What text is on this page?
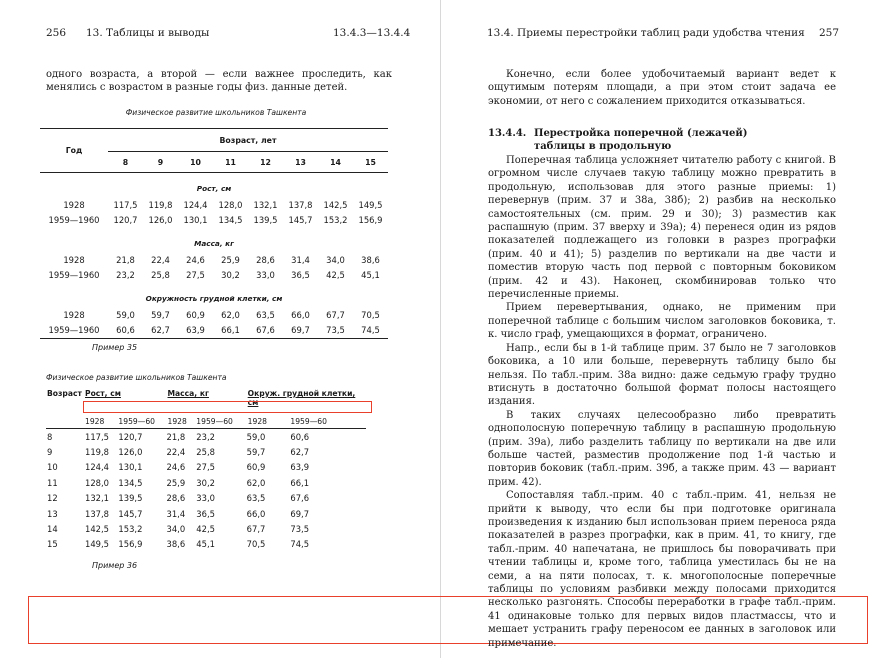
256 13. Таблицы и выводы	13.4.3—13.4.4
одного возраста, а второй — если важнее проследить, как менялись с возрастом в разные годы физ. данные детей.
Физическое развитие школьников Ташкента
Год	Возраст, лет							
	8	9	10	11	12	13	14	15
Рост, см								
1928	117,5	119,8	124,4	128,0	132,1	137,8	142,5	149,5
1959—1960	120,7	126,0	130,1	134,5	139,5	145,7	153,2	156,9
Масса, кг								
1928	21,8	22,4	24,6	25,9	28,6	31,4	34,0	38,6
1959—1960	23,2	25,8	27,5	30,2	33,0	36,5	42,5	45,1
Окружность грудной клетки, см								
1928	59,0	59,7	60,9	62,0	63,5	66,0	67,7	70,5
1959—1960	60,6	62,7	63,9	66,1	67,6	69,7	73,5	74,5
Пример 35
Физическое развитие школьников Ташкента
Возраст	Рост, см		Масса, кг		Окруж. грудной клетки, см	
	1928	1959—60	1928	1959—60	1928	1959—60
8	117,5	120,7	21,8	23,2	59,0	60,6
9	119,8	126,0	22,4	25,8	59,7	62,7
10	124,4	130,1	24,6	27,5	60,9	63,9
11	128,0	134,5	25,9	30,2	62,0	66,1
12	132,1	139,5	28,6	33,0	63,5	67,6
13	137,8	145,7	31,4	36,5	66,0	69,7
14	142,5	153,2	34,0	42,5	67,7	73,5
15	149,5	156,9	38,6	45,1	70,5	74,5
Пример 36
13.4. Приемы перестройки таблиц ради удобства чтения 257

Конечно, если более удобочитаемый вариант ведет к ощутимым потерям площади, а при этом стоит задача ее экономии, от него с сожалением приходится отказываться.

13.4.4. Перестройка поперечной (лежачей) таблицы в продольную

Поперечная таблица усложняет читателю работу с книгой. В огромном числе случаев такую таблицу можно превратить в продольную, использовав для этого разные приемы: 1) перевернув (прим. 37 и 38а, 38б); 2) разбив на несколько самостоятельных (см. прим. 29 и 30); 3) разместив как распашную (прим. 37 вверху и 39а); 4) перенеся один из рядов показателей подлежащего из головки в разрез прографки (прим. 40 и 41); 5) разделив по вертикали на две части и поместив вторую часть под первой с повторным боковиком (прим. 42 и 43). Наконец, скомбинировав только что перечисленные приемы.

Прием перевертывания, однако, не применим при поперечной таблице с большим числом заголовков боковика, т. к. число граф, умещающихся в формат, ограничено.

Напр., если бы в 1-й таблице прим. 37 было не 7 заголовков боковика, а 10 или больше, перевернуть таблицу было бы нельзя. По табл.-прим. 38а видно: даже седьмую графу трудно втиснуть в достаточно большой формат полосы настоящего издания.

В таких случаях целесообразно либо превратить однополосную поперечную таблицу в распашную продольную (прим. 39а), либо разделить таблицу по вертикали на две или больше частей, разместив продолжение под 1-й частью и повторив боковик (табл.-прим. 39б, а также прим. 43 — вариант прим. 42).

Сопоставляя табл.-прим. 40 с табл.-прим. 41, нельзя не прийти к выводу, что если бы при подготовке оригинала произведения к изданию был использован прием переноса ряда показателей в разрез прографки, как в прим. 41, то книгу, где табл.-прим. 40 напечатана, не пришлось бы поворачивать при чтении таблицы и, кроме того, таблица уместилась бы не на семи, а на пяти полосах, т. к. многополосные поперечные таблицы по условиям разбивки между полосами приходится несколько разгонять. Способы переработки в графе табл.-прим. 41 одинаковые только для первых видов пластмассы, что и мешает устранить графу переносом ее данных в заголовок или примечание.
